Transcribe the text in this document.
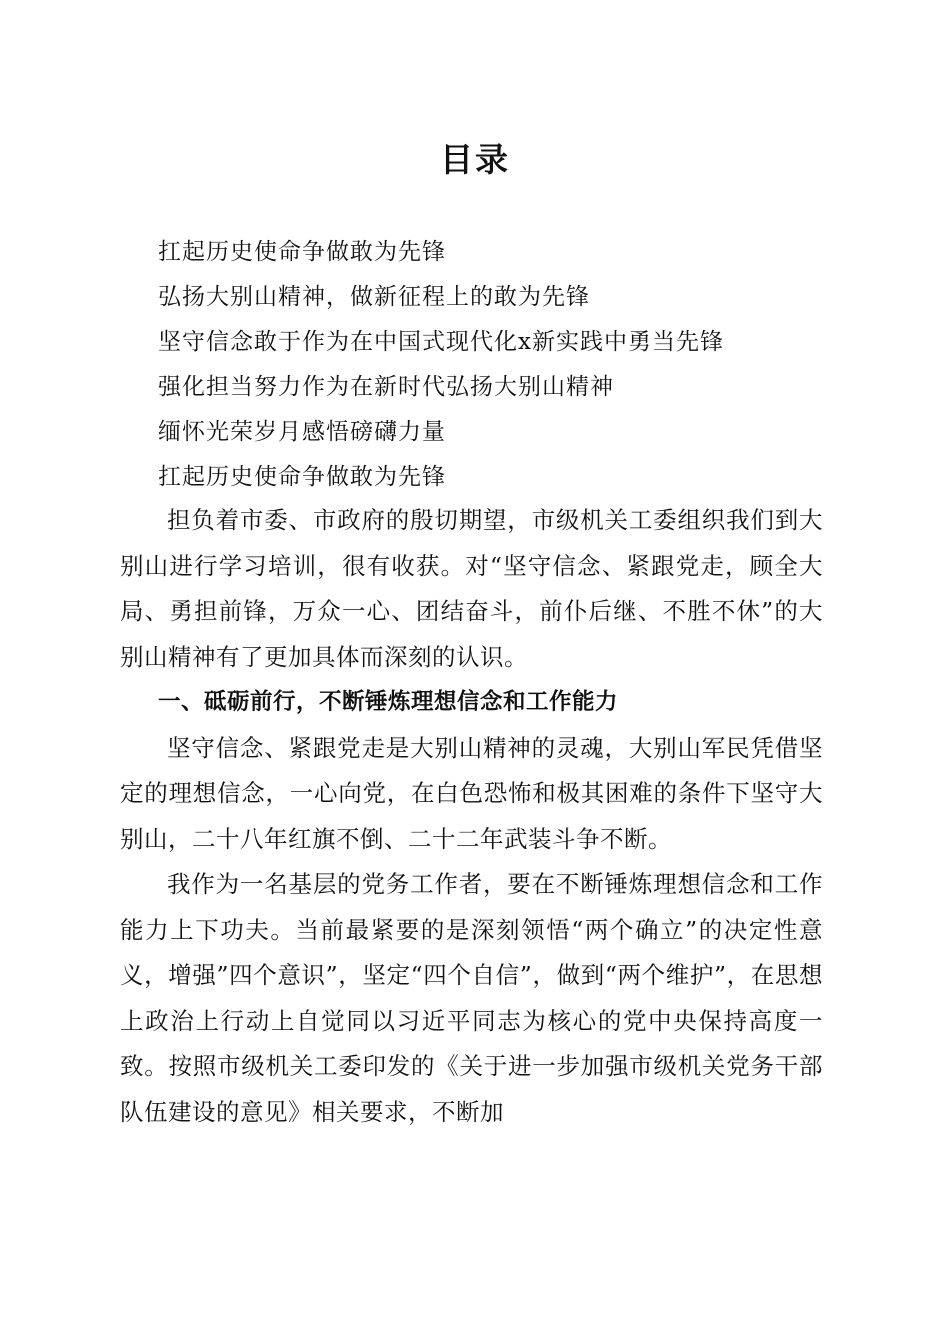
目录
扛起历史使命争做敢为先锋
弘扬大别山精神，做新征程上的敢为先锋
坚守信念敢于作为在中国式现代化x新实践中勇当先锋
强化担当努力作为在新时代弘扬大别山精神
缅怀光荣岁月感悟磅礴力量
扛起历史使命争做敢为先锋

担负着市委、市政府的殷切期望，市级机关工委组织我们到大别山进行学习培训，很有收获。对“坚守信念、紧跟党走，顾全大局、勇担前锋，万众一心、团结奋斗，前仆后继、不胜不休”的大别山精神有了更加具体而深刻的认识。

一、砥砺前行，不断锤炼理想信念和工作能力

坚守信念、紧跟党走是大别山精神的灵魂，大别山军民凭借坚定的理想信念，一心向党，在白色恐怖和极其困难的条件下坚守大别山，二十八年红旗不倒、二十二年武装斗争不断。

我作为一名基层的党务工作者，要在不断锤炼理想信念和工作能力上下功夫。当前最紧要的是深刻领悟“两个确立”的决定性意义，增强”四个意识”，坚定“四个自信”，做到“两个维护”，在思想上政治上行动上自觉同以习近平同志为核心的党中央保持高度一致。按照市级机关工委印发的《关于进一步加强市级机关党务干部队伍建设的意见》相关要求，不断加
